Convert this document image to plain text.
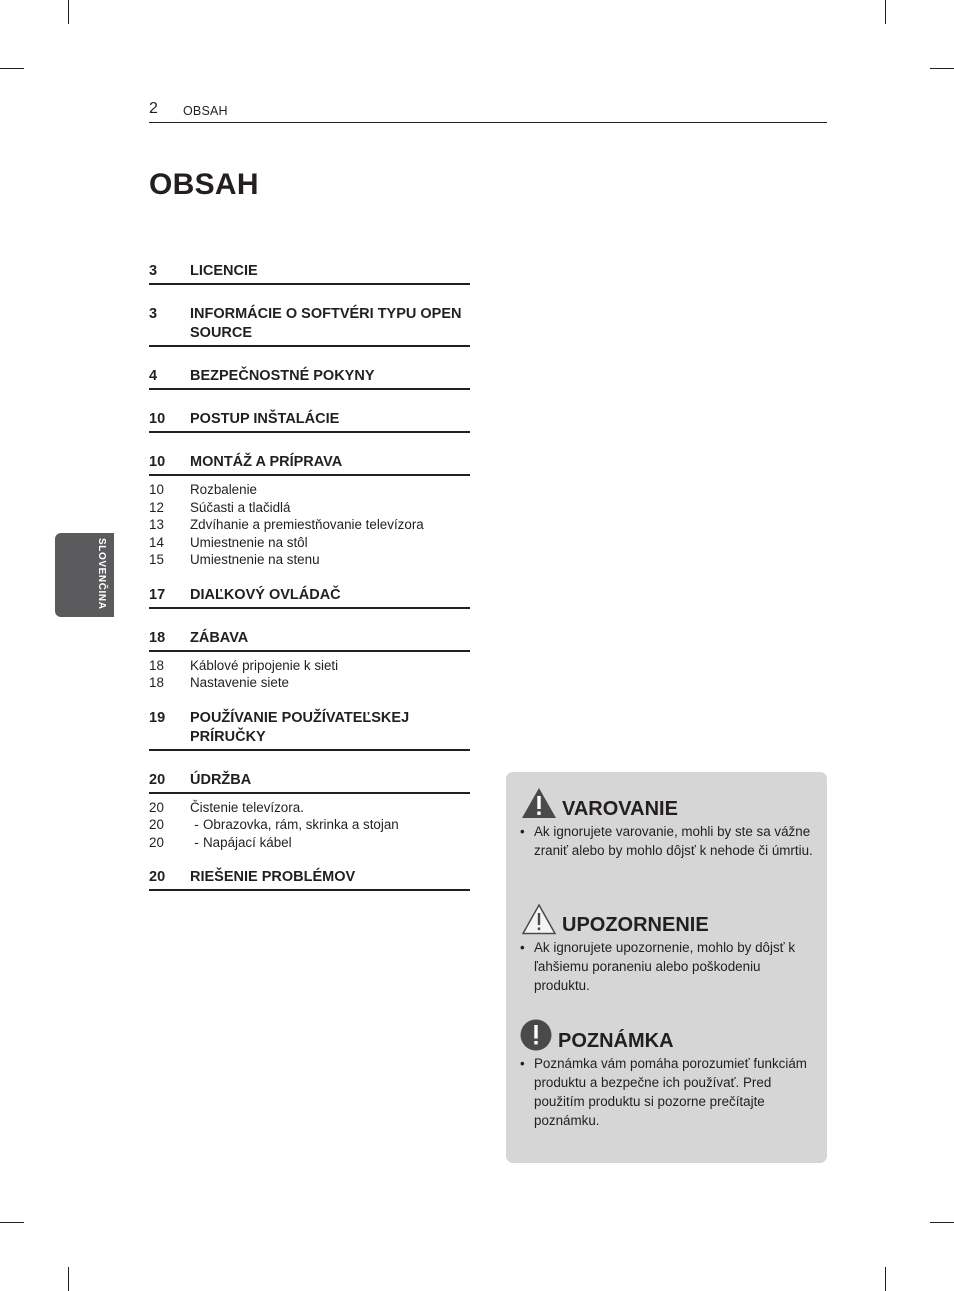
2 OBSAH
OBSAH
3	LICENCIE
3	INFORMÁCIE O SOFTVÉRI TYPU OPEN SOURCE
4	BEZPEČNOSTNÉ POKYNY
10	POSTUP INŠTALÁCIE
10	MONTÁŽ A PRÍPRAVA
10	Rozbalenie
12	Súčasti a tlačidlá
13	Zdvíhanie a premiestňovanie televízora
14	Umiestnenie na stôl
15	Umiestnenie na stenu
17	DIAĽKOVÝ OVLÁDAČ
18	ZÁBAVA
18	Káblové pripojenie k sieti
18	Nastavenie siete
19	POUŽÍVANIE POUŽÍVATEĽSKEJ PRÍRUČKY
20	ÚDRŽBA
20	Čistenie televízora.
20	- Obrazovka, rám, skrinka a stojan
20	- Napájací kábel
20	RIEŠENIE PROBLÉMOV
SLOVENČINA
VAROVANIE

• Ak ignorujete varovanie, mohli by ste sa vážne zraniť alebo by mohlo dôjsť k nehode či úmrtiu.

UPOZORNENIE

• Ak ignorujete upozornenie, mohlo by dôjsť k ľahšiemu poraneniu alebo poškodeniu produktu.

POZNÁMKA

• Poznámka vám pomáha porozumieť funkciám produktu a bezpečne ich používať. Pred použitím produktu si pozorne prečítajte poznámku.
